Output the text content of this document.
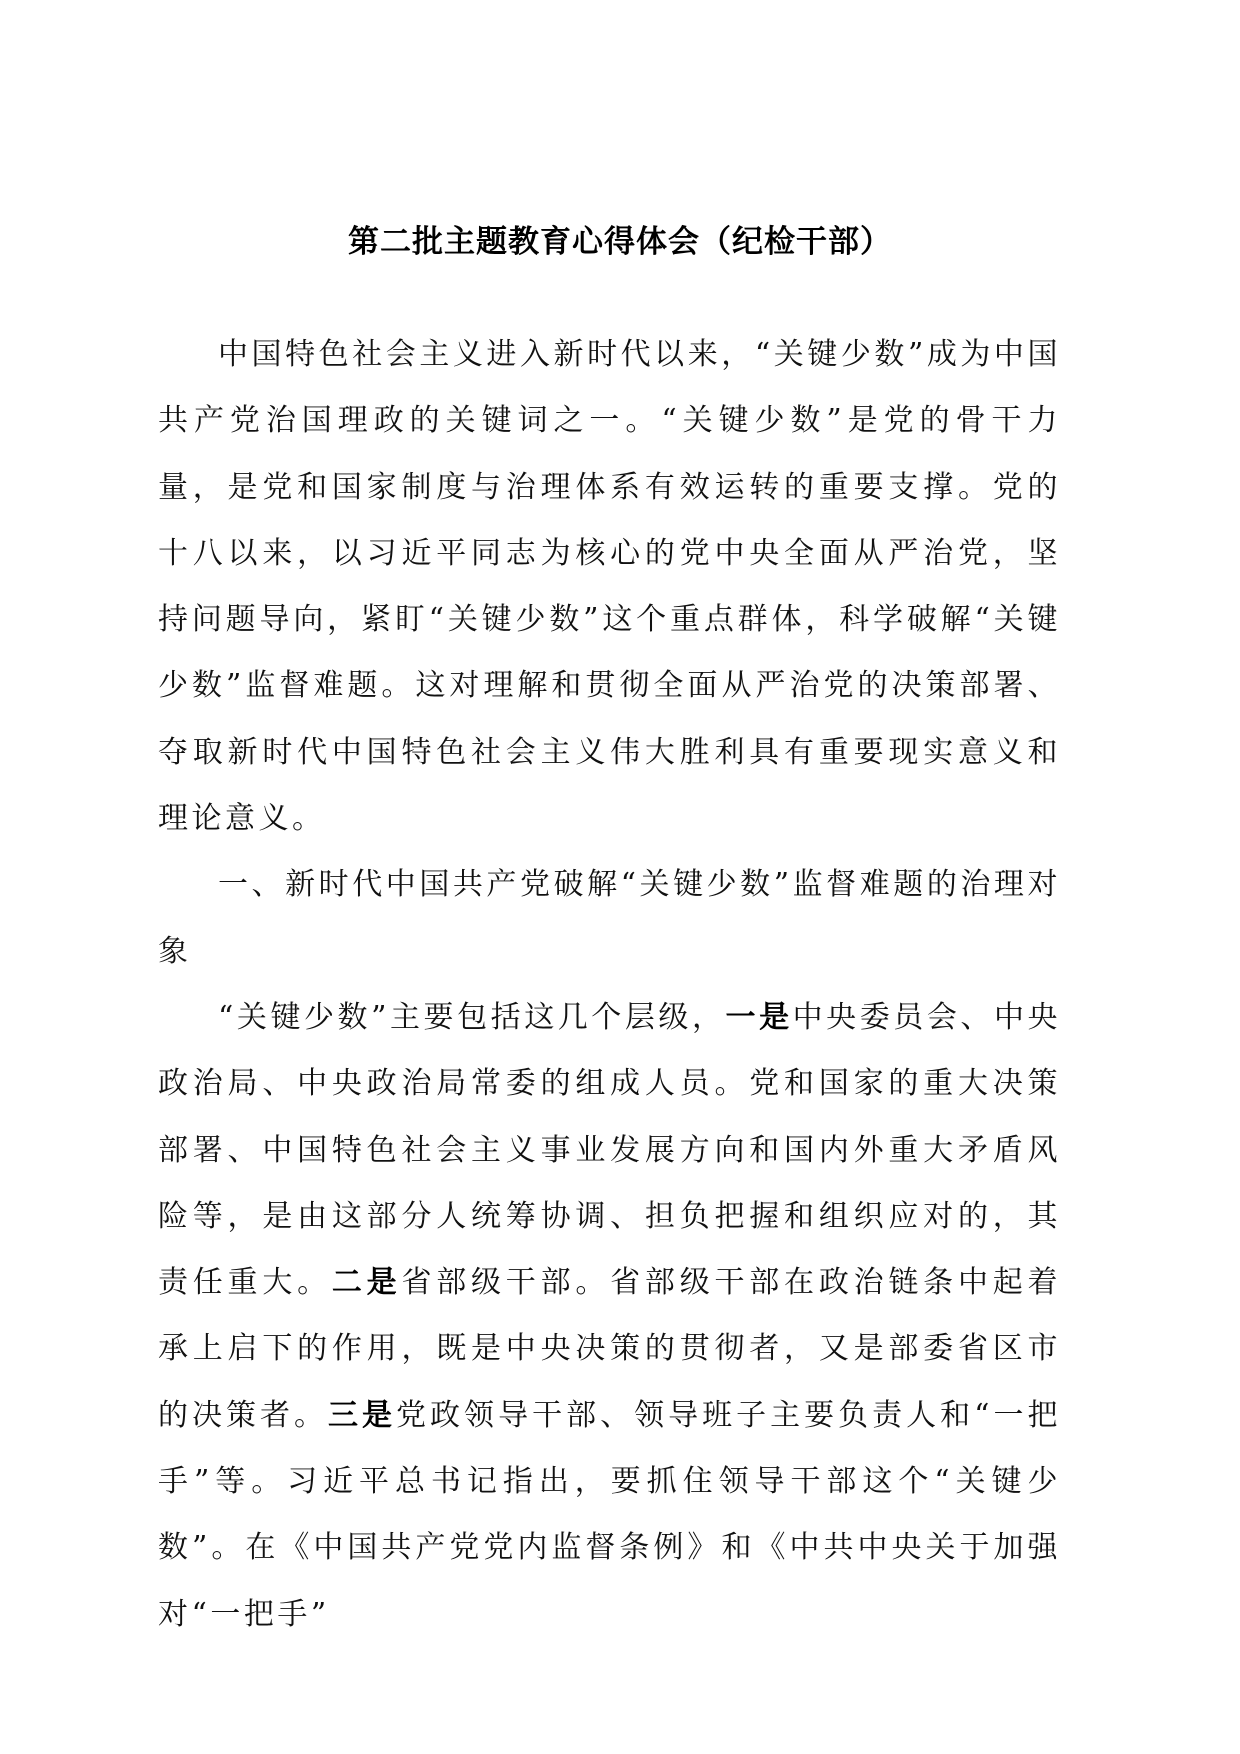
第二批主题教育心得体会（纪检干部）

中国特色社会主义进入新时代以来，“关键少数”成为中国共产党治国理政的关键词之一。“关键少数”是党的骨干力量，是党和国家制度与治理体系有效运转的重要支撑。党的十八以来，以习近平同志为核心的党中央全面从严治党，坚持问题导向，紧盯“关键少数”这个重点群体，科学破解“关键少数”监督难题。这对理解和贯彻全面从严治党的决策部署、夺取新时代中国特色社会主义伟大胜利具有重要现实意义和理论意义。

一、新时代中国共产党破解“关键少数”监督难题的治理对象

“关键少数”主要包括这几个层级，一是中央委员会、中央政治局、中央政治局常委的组成人员。党和国家的重大决策部署、中国特色社会主义事业发展方向和国内外重大矛盾风险等，是由这部分人统筹协调、担负把握和组织应对的，其责任重大。二是省部级干部。省部级干部在政治链条中起着承上启下的作用，既是中央决策的贯彻者，又是部委省区市的决策者。三是党政领导干部、领导班子主要负责人和“一把手”等。习近平总书记指出，要抓住领导干部这个“关键少数”。在《中国共产党党内监督条例》和《中共中央关于加强对“一把手”
